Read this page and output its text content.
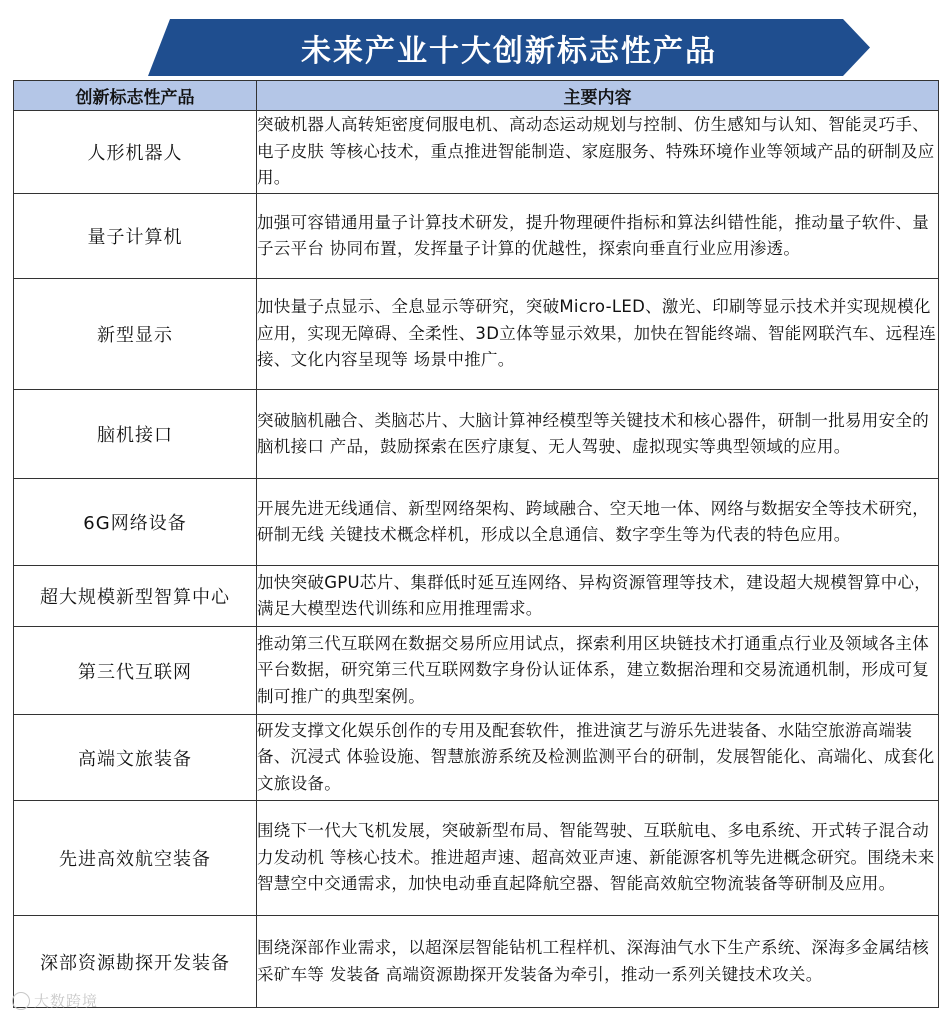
未来产业十大创新标志性产品
创新标志性产品	主要内容
人形机器人	突破机器人高转矩密度伺服电机、高动态运动规划与控制、仿生感知与认知、智能灵巧手、电子皮肤 等核心技术，重点推进智能制造、家庭服务、特殊环境作业等领域产品的研制及应用。
量子计算机	加强可容错通用量子计算技术研发，提升物理硬件指标和算法纠错性能，推动量子软件、量子云平台 协同布置，发挥量子计算的优越性，探索向垂直行业应用渗透。
新型显示	加快量子点显示、全息显示等研究，突破Micro-LED、激光、印刷等显示技术并实现规模化应用，实现无障碍、全柔性、3D立体等显示效果，加快在智能终端、智能网联汽车、远程连接、文化内容呈现等 场景中推广。
脑机接口	突破脑机融合、类脑芯片、大脑计算神经模型等关键技术和核心器件，研制一批易用安全的脑机接口 产品，鼓励探索在医疗康复、无人驾驶、虚拟现实等典型领域的应用。
6G网络设备	开展先进无线通信、新型网络架构、跨域融合、空天地一体、网络与数据安全等技术研究，研制无线 关键技术概念样机，形成以全息通信、数字孪生等为代表的特色应用。
超大规模新型智算中心	加快突破GPU芯片、集群低时延互连网络、异构资源管理等技术，建设超大规模智算中心，满足大模型迭代训练和应用推理需求。
第三代互联网	推动第三代互联网在数据交易所应用试点，探索利用区块链技术打通重点行业及领域各主体平台数据，研究第三代互联网数字身份认证体系，建立数据治理和交易流通机制，形成可复制可推广的典型案例。
高端文旅装备	研发支撑文化娱乐创作的专用及配套软件，推进演艺与游乐先进装备、水陆空旅游高端装备、沉浸式 体验设施、智慧旅游系统及检测监测平台的研制，发展智能化、高端化、成套化文旅设备。
先进高效航空装备	围绕下一代大飞机发展，突破新型布局、智能驾驶、互联航电、多电系统、开式转子混合动力发动机 等核心技术。推进超声速、超高效亚声速、新能源客机等先进概念研究。围绕未来智慧空中交通需求，加快电动垂直起降航空器、智能高效航空物流装备等研制及应用。
深部资源勘探开发装备	围绕深部作业需求，以超深层智能钻机工程样机、深海油气水下生产系统、深海多金属结核采矿车等 发装备 高端资源勘探开发装备为牵引，推动一系列关键技术攻关。
大数跨境
